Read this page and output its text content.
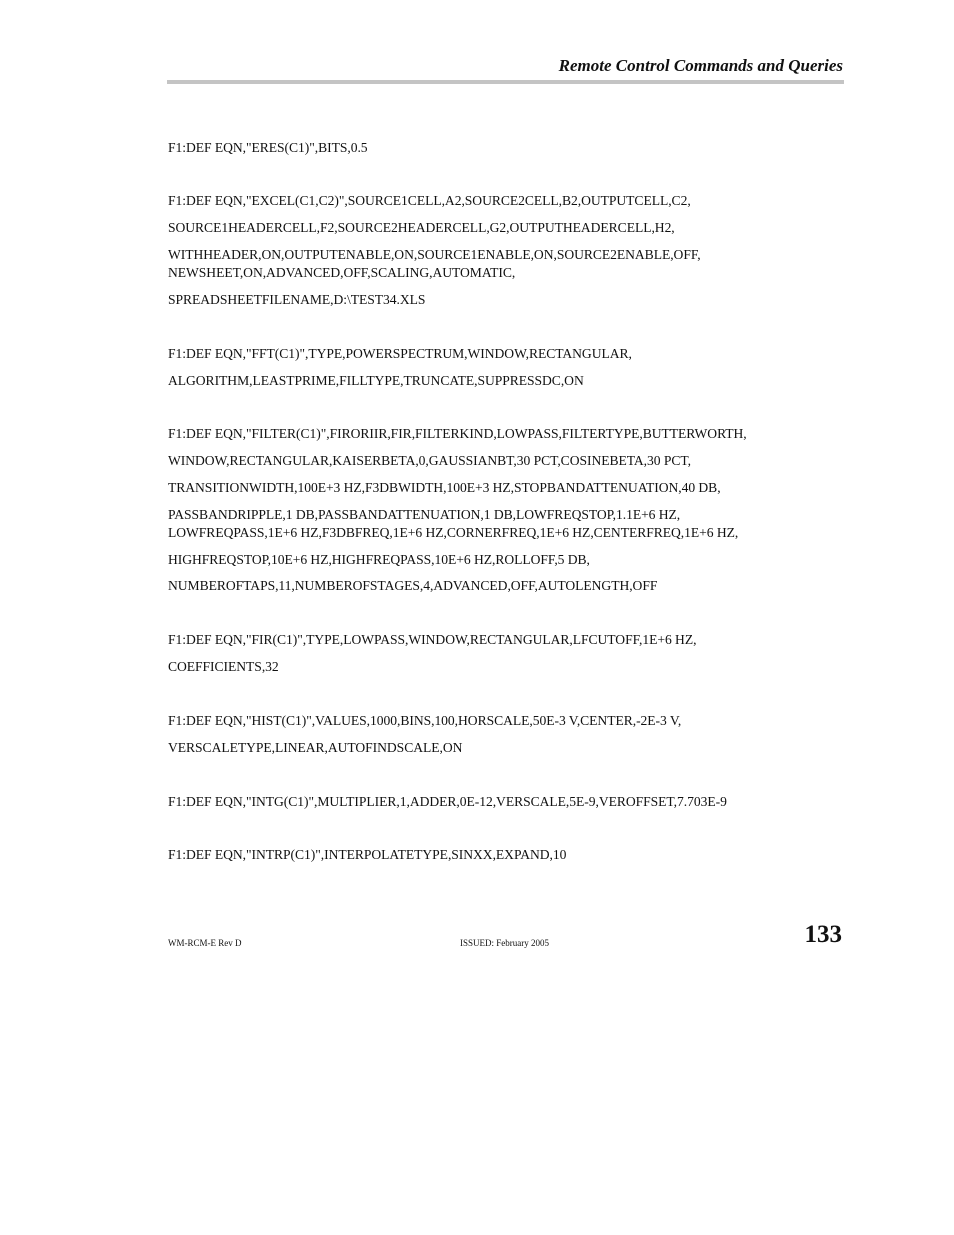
Remote Control Commands and Queries
F1:DEF EQN,"ERES(C1)",BITS,0.5
F1:DEF EQN,"EXCEL(C1,C2)",SOURCE1CELL,A2,SOURCE2CELL,B2,OUTPUTCELL,C2,
SOURCE1HEADERCELL,F2,SOURCE2HEADERCELL,G2,OUTPUTHEADERCELL,H2,
WITHHEADER,ON,OUTPUTENABLE,ON,SOURCE1ENABLE,ON,SOURCE2ENABLE,OFF,
NEWSHEET,ON,ADVANCED,OFF,SCALING,AUTOMATIC,
SPREADSHEETFILENAME,D:\TEST34.XLS
F1:DEF EQN,"FFT(C1)",TYPE,POWERSPECTRUM,WINDOW,RECTANGULAR,
ALGORITHM,LEASTPRIME,FILLTYPE,TRUNCATE,SUPPRESSDC,ON
F1:DEF EQN,"FILTER(C1)",FIRORIIR,FIR,FILTERKIND,LOWPASS,FILTERTYPE,BUTTERWORTH,
WINDOW,RECTANGULAR,KAISERBETA,0,GAUSSIANBT,30 PCT,COSINEBETA,30 PCT,
TRANSITIONWIDTH,100E+3 HZ,F3DBWIDTH,100E+3 HZ,STOPBANDATTENUATION,40 DB,
PASSBANDRIPPLE,1 DB,PASSBANDATTENUATION,1 DB,LOWFREQSTOP,1.1E+6 HZ,
LOWFREQPASS,1E+6 HZ,F3DBFREQ,1E+6 HZ,CORNERFREQ,1E+6 HZ,CENTERFREQ,1E+6 HZ,
HIGHFREQSTOP,10E+6 HZ,HIGHFREQPASS,10E+6 HZ,ROLLOFF,5 DB,
NUMBEROFTAPS,11,NUMBEROFSTAGES,4,ADVANCED,OFF,AUTOLENGTH,OFF
F1:DEF EQN,"FIR(C1)",TYPE,LOWPASS,WINDOW,RECTANGULAR,LFCUTOFF,1E+6 HZ,
COEFFICIENTS,32
F1:DEF EQN,"HIST(C1)",VALUES,1000,BINS,100,HORSCALE,50E-3 V,CENTER,-2E-3 V,
VERSCALETYPE,LINEAR,AUTOFINDSCALE,ON
F1:DEF EQN,"INTG(C1)",MULTIPLIER,1,ADDER,0E-12,VERSCALE,5E-9,VEROFFSET,7.703E-9
F1:DEF EQN,"INTRP(C1)",INTERPOLATETYPE,SINXX,EXPAND,10
WM-RCM-E Rev D	ISSUED: February 2005	133
